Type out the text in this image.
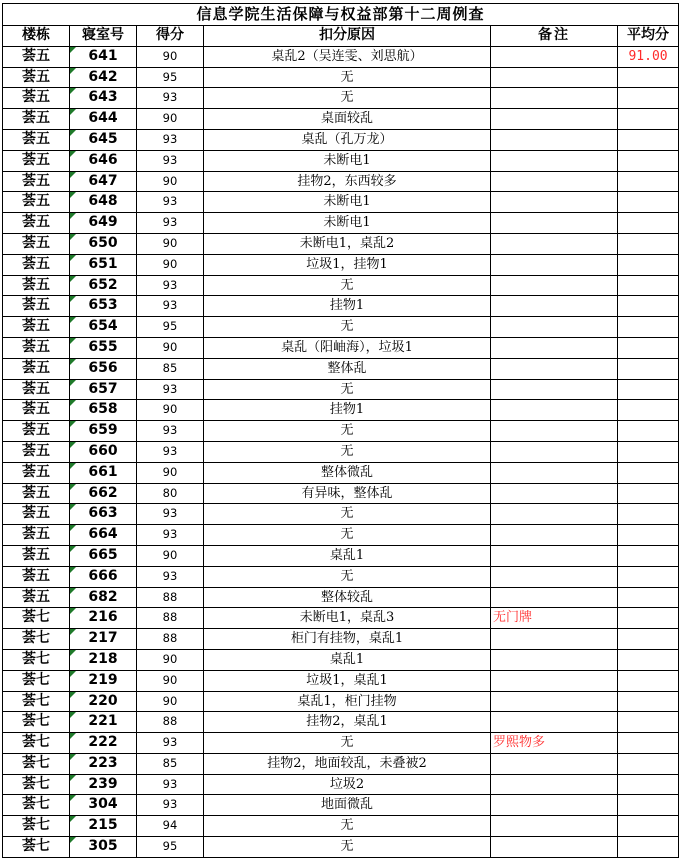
信息学院生活保障与权益部第十二周例查					
楼栋	寝室号	得分	扣分原因	备注	平均分
荟五	641	90	桌乱2（吴连雯、刘思航）		91.00
荟五	642	95	无		
荟五	643	93	无		
荟五	644	90	桌面较乱		
荟五	645	93	桌乱（孔万龙）		
荟五	646	93	未断电1		
荟五	647	90	挂物2，东西较多		
荟五	648	93	未断电1		
荟五	649	93	未断电1		
荟五	650	90	未断电1，桌乱2		
荟五	651	90	垃圾1，挂物1		
荟五	652	93	无		
荟五	653	93	挂物1		
荟五	654	95	无		
荟五	655	90	桌乱（阳岫海），垃圾1		
荟五	656	85	整体乱		
荟五	657	93	无		
荟五	658	90	挂物1		
荟五	659	93	无		
荟五	660	93	无		
荟五	661	90	整体微乱		
荟五	662	80	有异味，整体乱		
荟五	663	93	无		
荟五	664	93	无		
荟五	665	90	桌乱1		
荟五	666	93	无		
荟五	682	88	整体较乱		
荟七	216	88	未断电1，桌乱3	无门牌	
荟七	217	88	柜门有挂物，桌乱1		
荟七	218	90	桌乱1		
荟七	219	90	垃圾1，桌乱1		
荟七	220	90	桌乱1，柜门挂物		
荟七	221	88	挂物2，桌乱1		
荟七	222	93	无	罗熙物多	
荟七	223	85	挂物2，地面较乱，未叠被2		
荟七	239	93	垃圾2		
荟七	304	93	地面微乱		
荟七	215	94	无		
荟七	305	95	无		
